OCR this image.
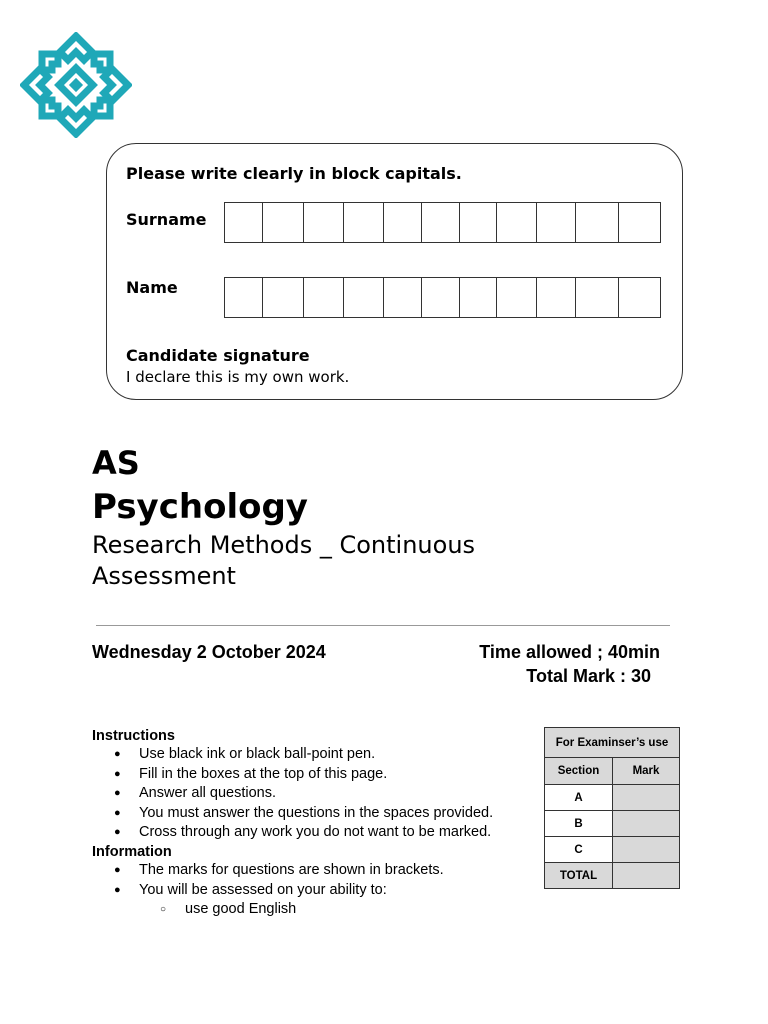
Please write clearly in block capitals.
Surname
Name
Candidate signature
I declare this is my own work.
AS
Psychology
Research Methods _ Continuous Assessment
Wednesday 2 October 2024	Time allowed ; 40min
Total Mark : 30
Instructions
● Use black ink or black ball-point pen.
● Fill in the boxes at the top of this page.
● Answer all questions.
● You must answer the questions in the spaces provided.
● Cross through any work you do not want to be marked.
Information
● The marks for questions are shown in brackets.
● You will be assessed on your ability to:
○ use good English
For Examinser’s use	
Section	Mark
A	
B	
C	
TOTAL	
